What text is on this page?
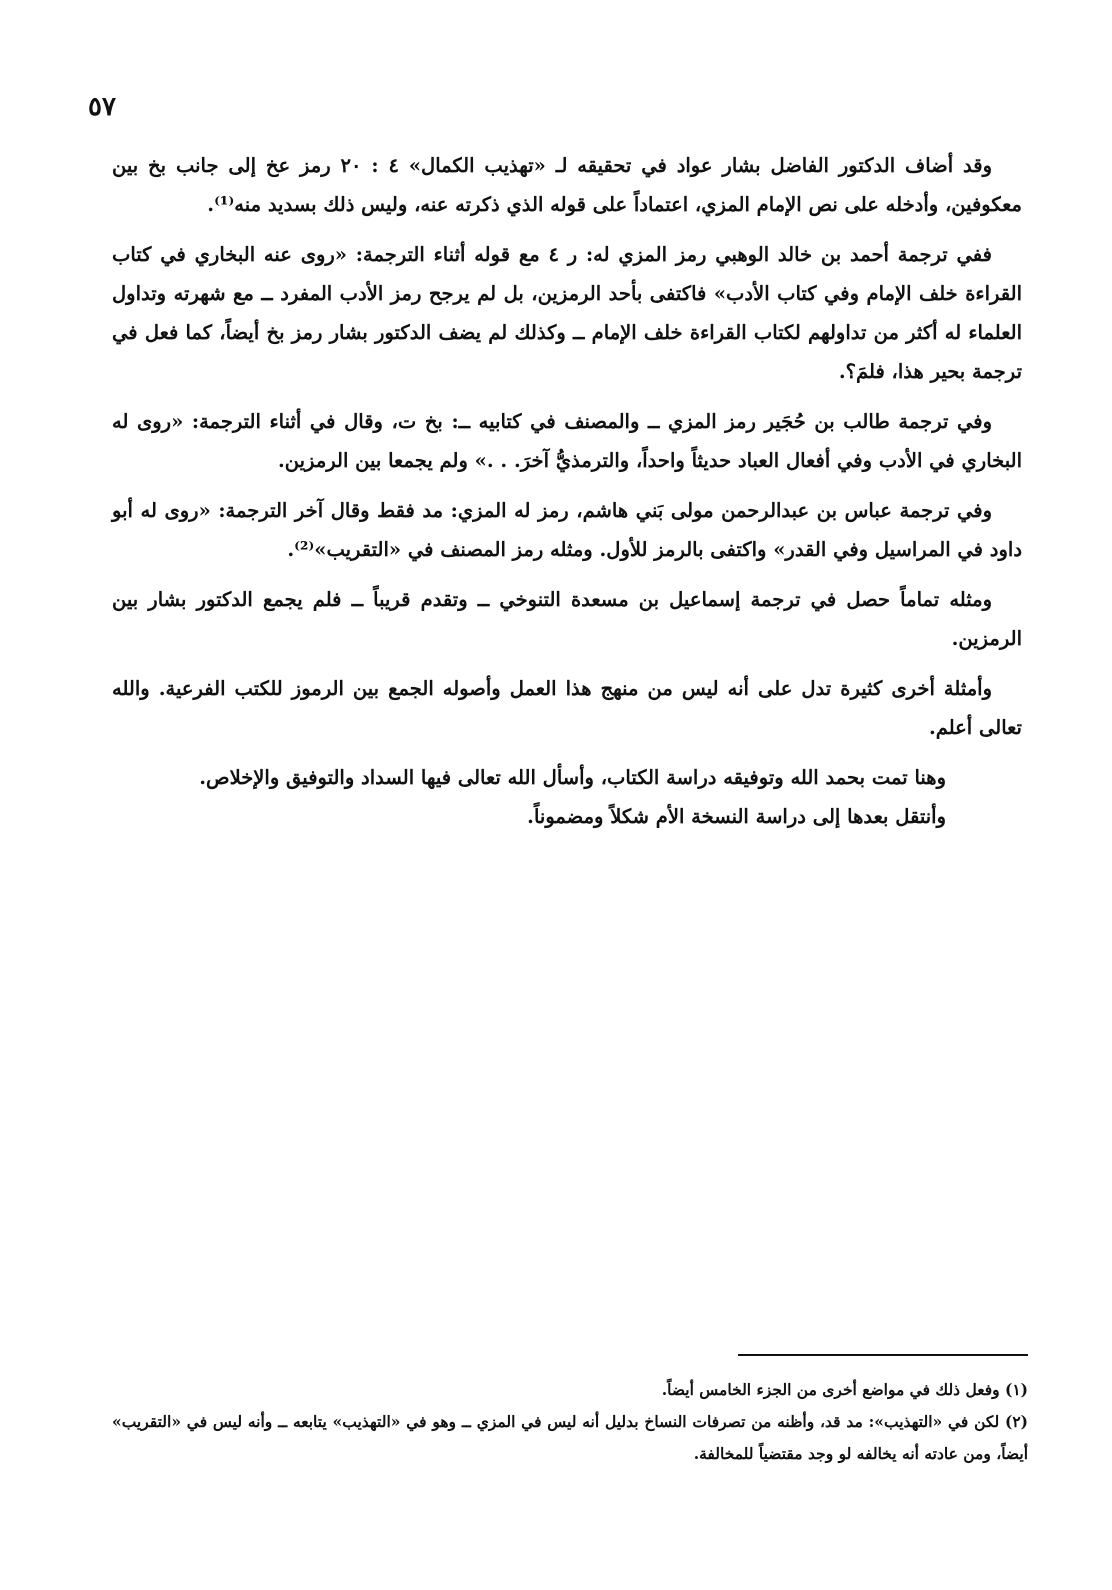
٥٧

وقد أضاف الدكتور الفاضل بشار عواد في تحقيقه لـ «تهذيب الكمال» ٤ : ٢٠ رمز عخ إلى جانب بخ بين معكوفين، وأدخله على نص الإمام المزي، اعتماداً على قوله الذي ذكرته عنه، وليس ذلك بسديد منه⁽¹⁾.

ففي ترجمة أحمد بن خالد الوهبي رمز المزي له: ر ٤ مع قوله أثناء الترجمة: «روى عنه البخاري في كتاب القراءة خلف الإمام وفي كتاب الأدب» فاكتفى بأحد الرمزين، بل لم يرجح رمز الأدب المفرد ــ مع شهرته وتداول العلماء له أكثر من تداولهم لكتاب القراءة خلف الإمام ــ وكذلك لم يضف الدكتور بشار رمز بخ أيضاً، كما فعل في ترجمة بحير هذا، فلمَ؟.

وفي ترجمة طالب بن حُجَير رمز المزي ــ والمصنف في كتابيه ــ: بخ ت، وقال في أثناء الترجمة: «روى له البخاري في الأدب وفي أفعال العباد حديثاً واحداً، والترمذيُّ آخرَ. . .» ولم يجمعا بين الرمزين.

وفي ترجمة عباس بن عبدالرحمن مولى بَني هاشم، رمز له المزي: مد فقط وقال آخر الترجمة: «روى له أبو داود في المراسيل وفي القدر» واكتفى بالرمز للأول. ومثله رمز المصنف في «التقريب»⁽²⁾.

ومثله تماماً حصل في ترجمة إسماعيل بن مسعدة التنوخي ــ وتقدم قريباً ــ فلم يجمع الدكتور بشار بين الرمزين.

وأمثلة أخرى كثيرة تدل على أنه ليس من منهج هذا العمل وأصوله الجمع بين الرموز للكتب الفرعية. والله تعالى أعلم.

وهنا تمت بحمد الله وتوفيقه دراسة الكتاب، وأسأل الله تعالى فيها السداد والتوفيق والإخلاص.

وأنتقل بعدها إلى دراسة النسخة الأم شكلاً ومضموناً.

(١) وفعل ذلك في مواضع أخرى من الجزء الخامس أيضاً.

(٢) لكن في «التهذيب»: مد قد، وأظنه من تصرفات النساخ بدليل أنه ليس في المزي ــ وهو في «التهذيب» يتابعه ــ وأنه ليس في «التقريب» أيضاً، ومن عادته أنه يخالفه لو وجد مقتضياً للمخالفة.
